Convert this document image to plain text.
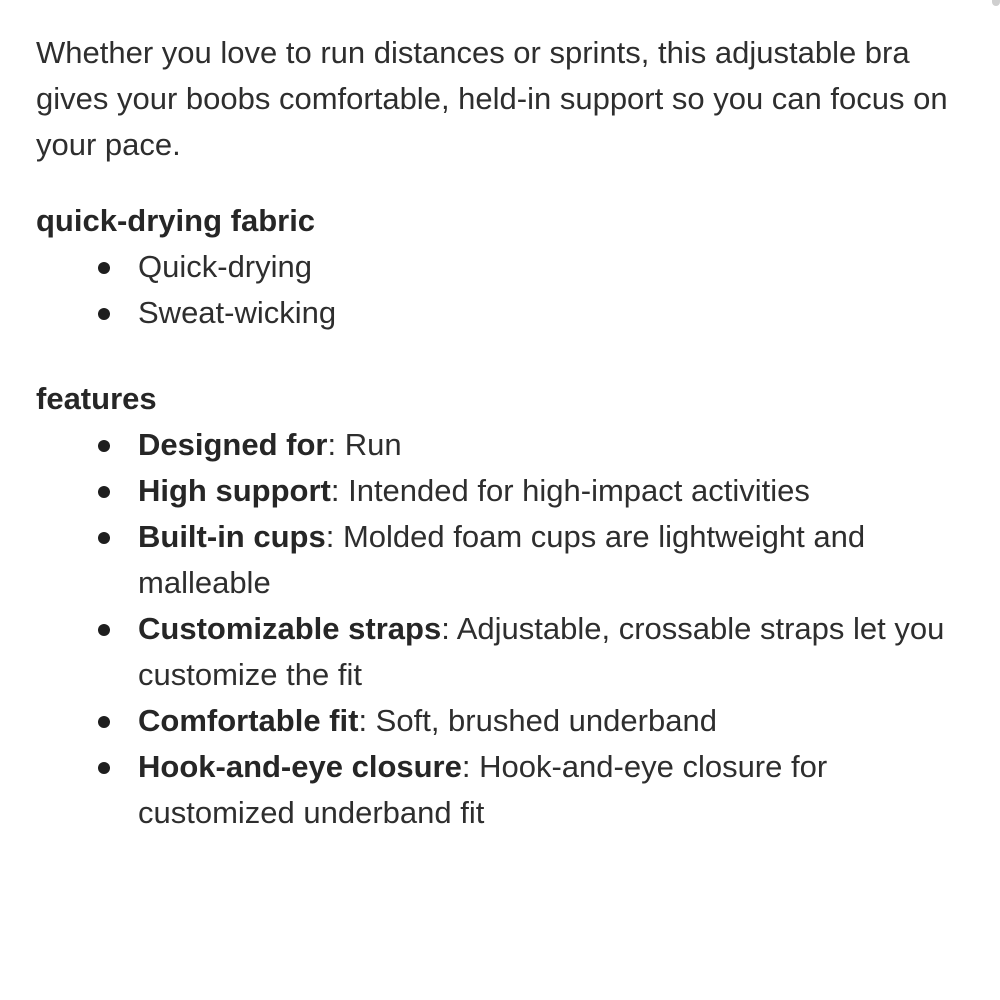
Whether you love to run distances or sprints, this adjustable bra gives your boobs comfortable, held-in support so you can focus on your pace.

quick-drying fabric
Quick-drying
Sweat-wicking
features
Designed for: Run
High support: Intended for high-impact activities
Built-in cups: Molded foam cups are lightweight and malleable
Customizable straps: Adjustable, crossable straps let you customize the fit
Comfortable fit: Soft, brushed underband
Hook-and-eye closure: Hook-and-eye closure for customized underband fit
